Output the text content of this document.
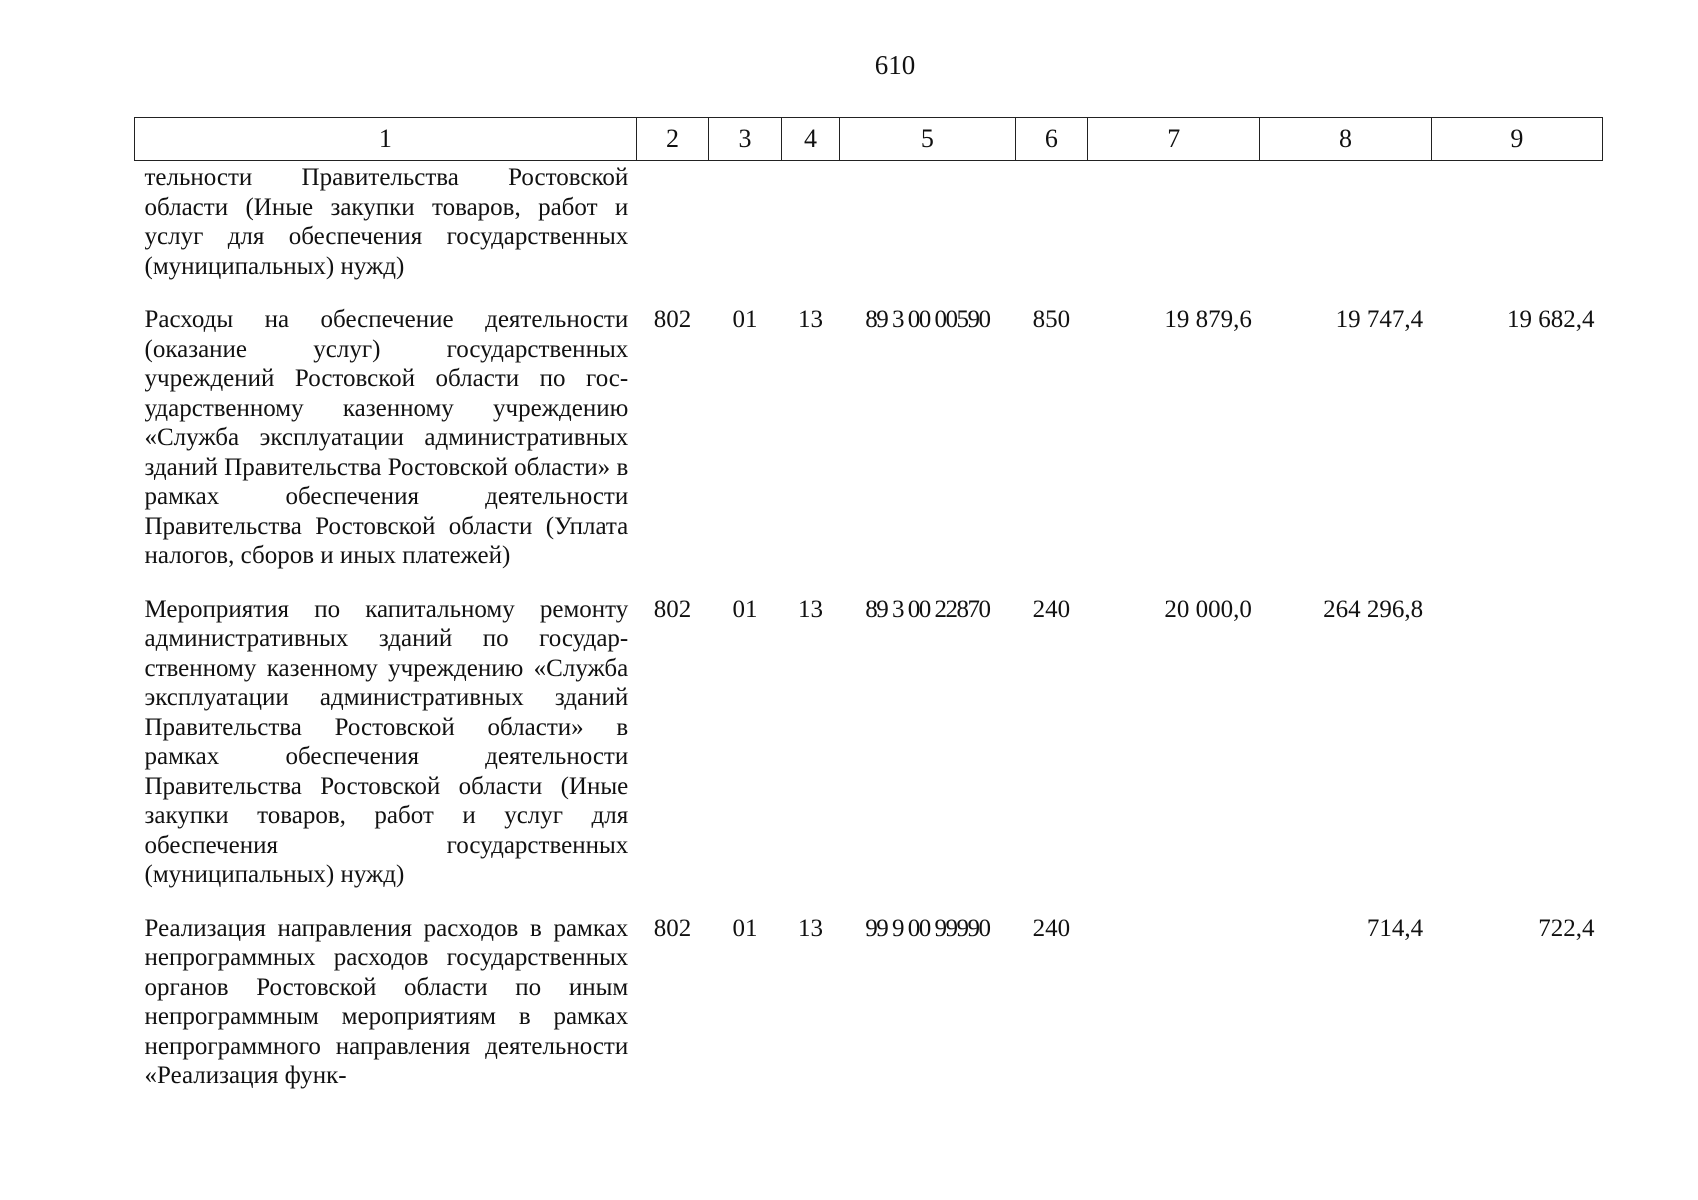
610
1	2	3	4	5	6	7	8	9
тельности Правительства Ростовской области (Иные закупки товаров, работ и услуг для обеспечения государственных (муниципальных) нужд)								
Расходы на обеспечение деятельности (оказание услуг) государственных учреждений Ростовской области по государственному казенному учреждению «Служба эксплуатации административных зданий Правительства Ростовской области» в рамках обеспечения деятельности Правительства Ростовской области (Уплата налогов, сборов и иных платежей)	802	01	13	89 3 00 00590	850	19 879,6	19 747,4	19 682,4
Мероприятия по капитальному ремонту административных зданий по государственному казенному учреждению «Служба эксплуатации административных зданий Правительства Ростовской области» в рамках обеспечения деятельности Правительства Ростовской области (Иные закупки товаров, работ и услуг для обеспечения государственных (муниципальных) нужд)	802	01	13	89 3 00 22870	240	20 000,0	264 296,8	
Реализация направления расходов в рамках непрограммных расходов государственных органов Ростовской области по иным непрограммным мероприятиям в рамках непрограммного направления деятельности «Реализация функ-	802	01	13	99 9 00 99990	240		714,4	722,4
